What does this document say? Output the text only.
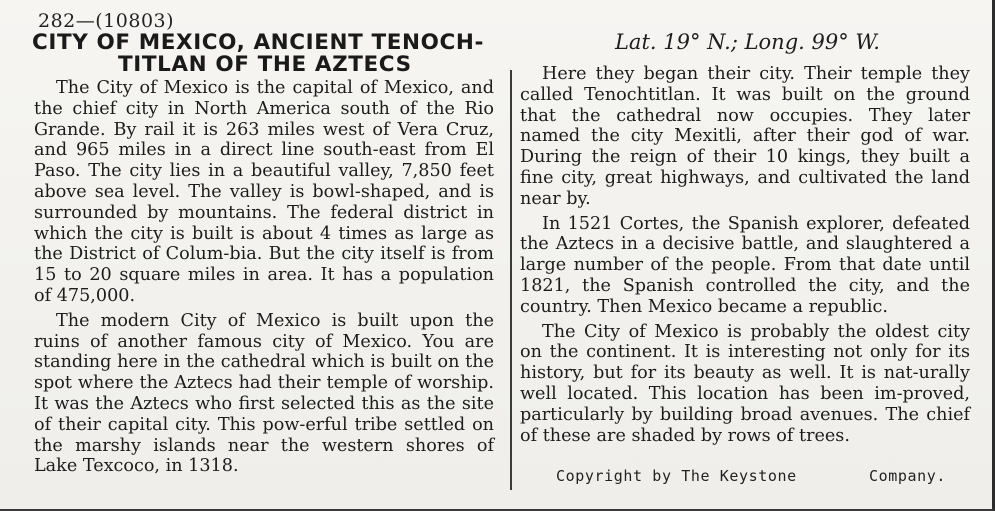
282—(10803)
CITY OF MEXICO, ANCIENT TENOCH-
TITLAN OF THE AZTECS
Lat. 19° N.; Long. 99° W.

The City of Mexico is the capital of Mexico, and the chief city in North America south of the Rio Grande. By rail it is 263 miles west of Vera Cruz, and 965 miles in a direct line south-east from El Paso. The city lies in a beautiful valley, 7,850 feet above sea level. The valley is bowl-shaped, and is surrounded by mountains. The federal district in which the city is built is about 4 times as large as the District of Colum-bia. But the city itself is from 15 to 20 square miles in area. It has a population of 475,000.

The modern City of Mexico is built upon the ruins of another famous city of Mexico. You are standing here in the cathedral which is built on the spot where the Aztecs had their temple of worship. It was the Aztecs who first selected this as the site of their capital city. This pow-erful tribe settled on the marshy islands near the western shores of Lake Texcoco, in 1318.

Here they began their city. Their temple they called Tenochtitlan. It was built on the ground that the cathedral now occupies. They later named the city Mexitli, after their god of war. During the reign of their 10 kings, they built a fine city, great highways, and cultivated the land near by.

In 1521 Cortes, the Spanish explorer, defeated the Aztecs in a decisive battle, and slaughtered a large number of the people. From that date until 1821, the Spanish controlled the city, and the country. Then Mexico became a republic.

The City of Mexico is probably the oldest city on the continent. It is interesting not only for its history, but for its beauty as well. It is nat-urally well located. This location has been im-proved, particularly by building broad avenues. The chief of these are shaded by rows of trees.

Copyright by The Keystone	Company.
